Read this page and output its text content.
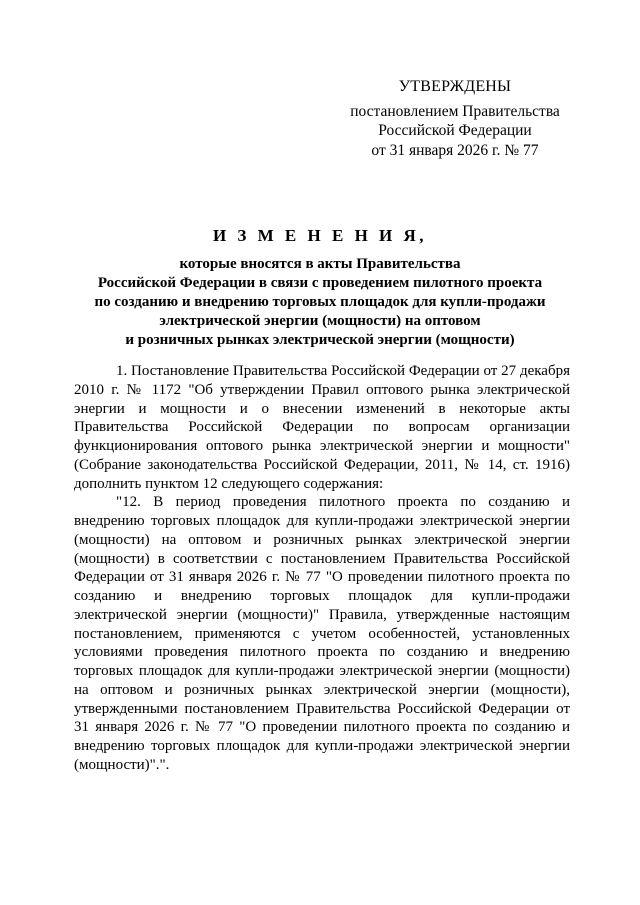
УТВЕРЖДЕНЫ
постановлением Правительства
Российской Федерации
от 31 января 2026 г. № 77
И З М Е Н Е Н И Я,
которые вносятся в акты Правительства
Российской Федерации в связи с проведением пилотного проекта
по созданию и внедрению торговых площадок для купли-продажи
электрической энергии (мощности) на оптовом
и розничных рынках электрической энергии (мощности)

1. Постановление Правительства Российской Федерации от 27 декабря 2010 г. № 1172 "Об утверждении Правил оптового рынка электрической энергии и мощности и о внесении изменений в некоторые акты Правительства Российской Федерации по вопросам организации функционирования оптового рынка электрической энергии и мощности" (Собрание законодательства Российской Федерации, 2011, № 14, ст. 1916) дополнить пунктом 12 следующего содержания:

"12. В период проведения пилотного проекта по созданию и внедрению торговых площадок для купли-продажи электрической энергии (мощности) на оптовом и розничных рынках электрической энергии (мощности) в соответствии с постановлением Правительства Российской Федерации от 31 января 2026 г. № 77 "О проведении пилотного проекта по созданию и внедрению торговых площадок для купли-продажи электрической энергии (мощности)" Правила, утвержденные настоящим постановлением, применяются с учетом особенностей, установленных условиями проведения пилотного проекта по созданию и внедрению торговых площадок для купли-продажи электрической энергии (мощности) на оптовом и розничных рынках электрической энергии (мощности), утвержденными постановлением Правительства Российской Федерации от 31 января 2026 г. № 77 "О проведении пилотного проекта по созданию и внедрению торговых площадок для купли-продажи электрической энергии (мощности)".".
